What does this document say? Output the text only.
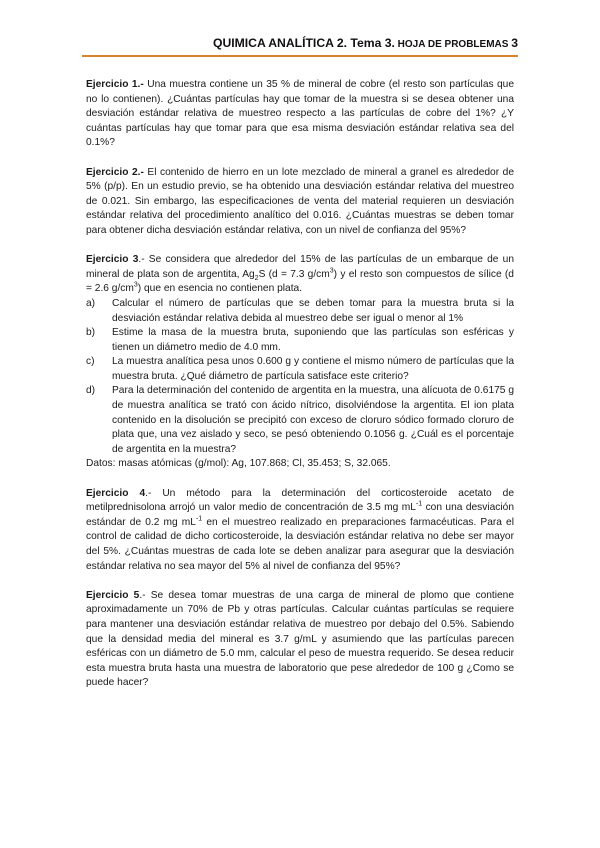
QUIMICA ANALÍTICA 2. Tema 3. HOJA DE PROBLEMAS 3

Ejercicio 1.- Una muestra contiene un 35 % de mineral de cobre (el resto son partículas que no lo contienen). ¿Cuántas partículas hay que tomar de la muestra si se desea obtener una desviación estándar relativa de muestreo respecto a las partículas de cobre del 1%? ¿Y cuántas partículas hay que tomar para que esa misma desviación estándar relativa sea del 0.1%?

Ejercicio 2.- El contenido de hierro en un lote mezclado de mineral a granel es alrededor de 5% (p/p). En un estudio previo, se ha obtenido una desviación estándar relativa del muestreo de 0.021. Sin embargo, las especificaciones de venta del material requieren un desviación estándar relativa del procedimiento analítico del 0.016. ¿Cuántas muestras se deben tomar para obtener dicha desviación estándar relativa, con un nivel de confianza del 95%?

Ejercicio 3.- Se considera que alrededor del 15% de las partículas de un embarque de un mineral de plata son de argentita, $Ag_2S$ (d = 7.3 $g/cm^3$) y el resto son compuestos de sílice (d = 2.6 $g/cm^3$) que en esencia no contienen plata.

a)	Calcular el número de partículas que se deben tomar para la muestra bruta si la desviación estándar relativa debida al muestreo debe ser igual o menor al 1%
b)	Estime la masa de la muestra bruta, suponiendo que las partículas son esféricas y tienen un diámetro medio de 4.0 mm.
c)	La muestra analítica pesa unos 0.600 g y contiene el mismo número de partículas que la muestra bruta. ¿Qué diámetro de partícula satisface este criterio?
d)	Para la determinación del contenido de argentita en la muestra, una alícuota de 0.6175 g de muestra analítica se trató con ácido nítrico, disolviéndose la argentita. El ion plata contenido en la disolución se precipitó con exceso de cloruro sódico formado cloruro de plata que, una vez aislado y seco, se pesó obteniendo 0.1056 g. ¿Cuál es el porcentaje de argentita en la muestra?

Datos: masas atómicas (g/mol): Ag, 107.868; Cl, 35.453; S, 32.065.

Ejercicio 4.- Un método para la determinación del corticosteroide acetato de metilprednisolona arrojó un valor medio de concentración de 3.5 mg $mL^{-1}$ con una desviación estándar de 0.2 mg $mL^{-1}$ en el muestreo realizado en preparaciones farmacéuticas. Para el control de calidad de dicho corticosteroide, la desviación estándar relativa no debe ser mayor del 5%. ¿Cuántas muestras de cada lote se deben analizar para asegurar que la desviación estándar relativa no sea mayor del 5% al nivel de confianza del 95%?

Ejercicio 5.- Se desea tomar muestras de una carga de mineral de plomo que contiene aproximadamente un 70% de Pb y otras partículas. Calcular cuántas partículas se requiere para mantener una desviación estándar relativa de muestreo por debajo del 0.5%. Sabiendo que la densidad media del mineral es 3.7 g/mL y asumiendo que las partículas parecen esféricas con un diámetro de 5.0 mm, calcular el peso de muestra requerido. Se desea reducir esta muestra bruta hasta una muestra de laboratorio que pese alrededor de 100 g ¿Como se puede hacer?
